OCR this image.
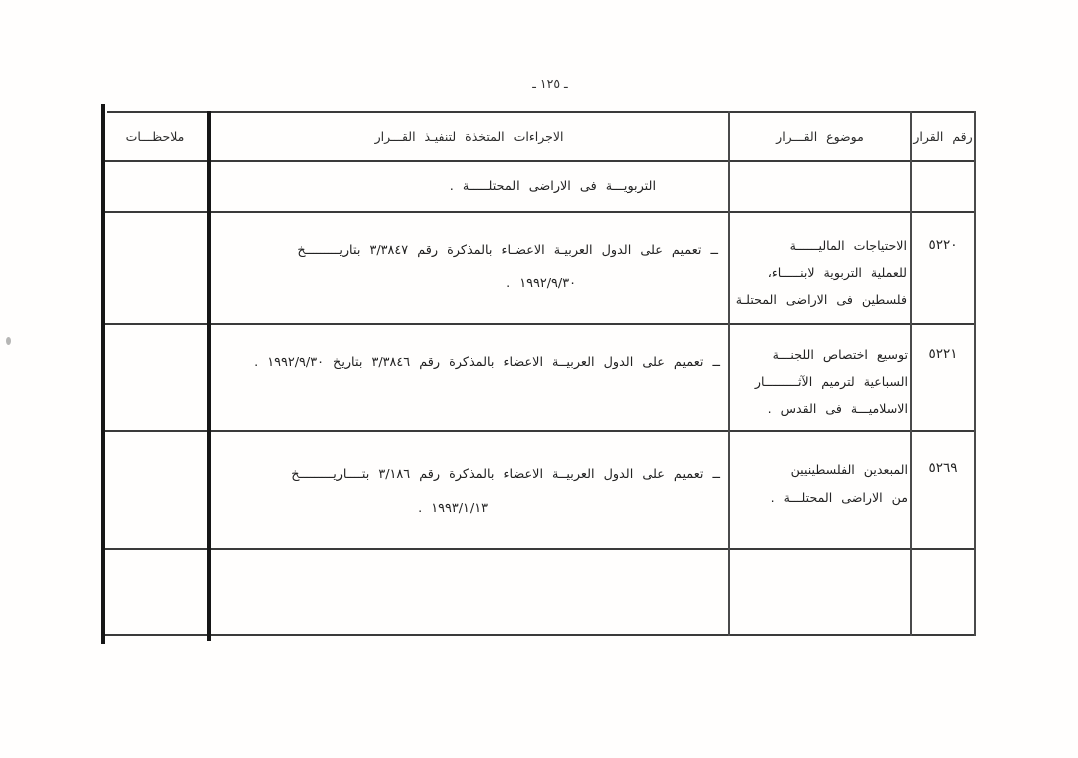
ـ ١٢٥ ـ
رقم القرار
موضوع القـــرار
الاجراءات المتخذة لتنفيـذ القـــرار
ملاحظـــات
التربويـــة فى الاراضى المحتلـــــة .
٥٢٢٠
الاحتياجات الماليــــــة
للعملية التربوية لابنـــــاء،
فلسطين فى الاراضى المحتلـة
ــ تعميم على الدول العربيـة الاعضـاء بالمذكرة رقم ٣/٣٨٤٧ بتاريـــــــــخ
١٩٩٢/٩/٣٠ .
٥٢٢١
توسيع اختصاص اللجنـــة
السباعية لترميم الآثـــــــــار
الاسلاميـــة فى القدس .
ــ تعميم على الدول العربيــة الاعضاء بالمذكرة رقم ٣/٣٨٤٦ بتاريخ ١٩٩٢/٩/٣٠ .
٥٢٦٩
المبعدين الفلسطينيين
من الاراضى المحتلـــة .
ــ تعميم على الدول العربيــة الاعضاء بالمذكرة رقم ٣/١٨٦ بتــــاريـــــــــخ
١٩٩٣/١/١٣ .
